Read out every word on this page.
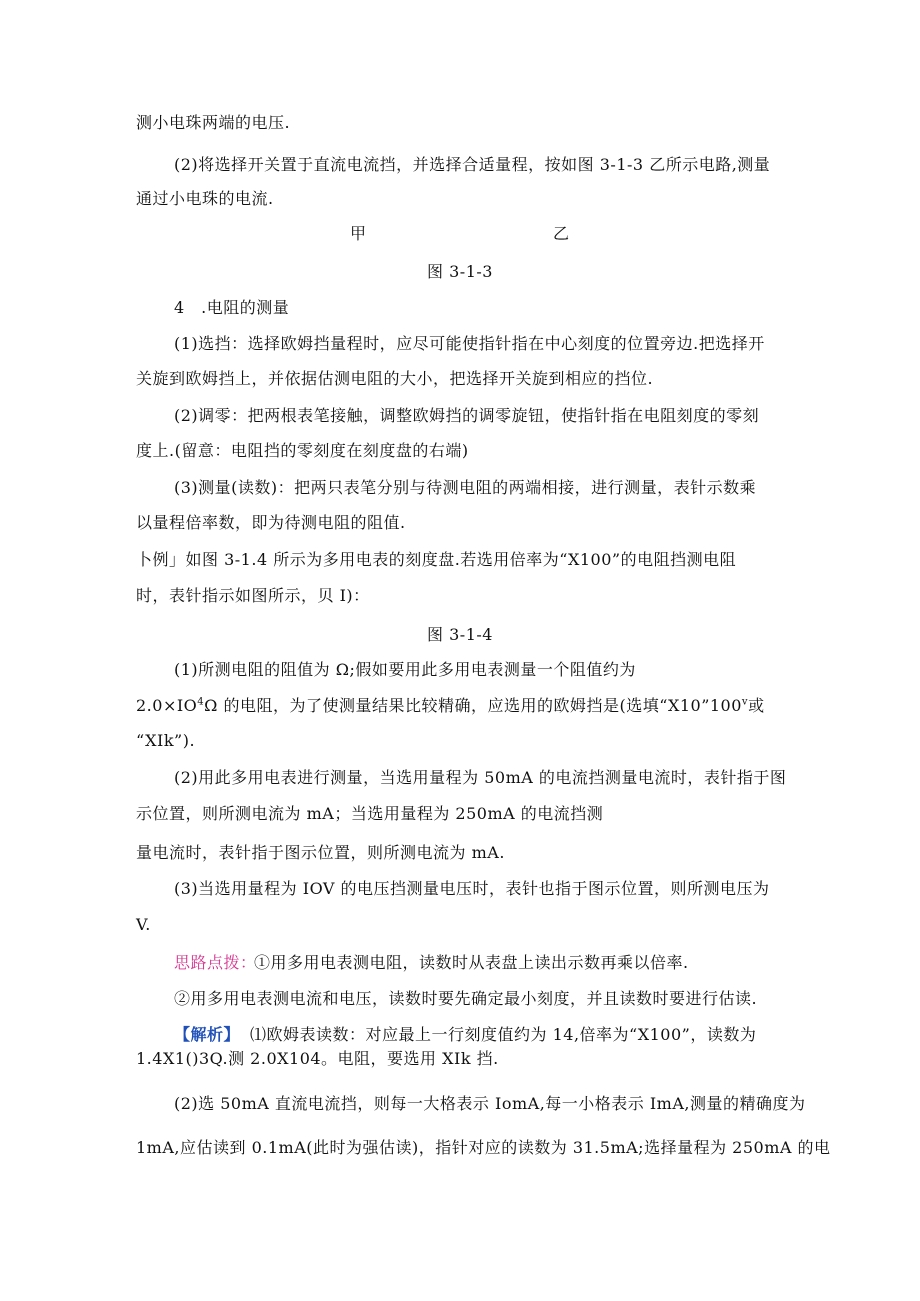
测小电珠两端的电压.
(2)将选择开关置于直流电流挡，并选择合适量程，按如图 3-1-3 乙所示电路,测量
通过小电珠的电流.
甲	乙
图 3-1-3
4　.电阻的测量
(1)选挡：选择欧姆挡量程时，应尽可能使指针指在中心刻度的位置旁边.把选择开
关旋到欧姆挡上，并依据估测电阻的大小，把选择开关旋到相应的挡位.
(2)调零：把两根表笔接触，调整欧姆挡的调零旋钮，使指针指在电阻刻度的零刻
度上.(留意：电阻挡的零刻度在刻度盘的右端)
(3)测量(读数)：把两只表笔分别与待测电阻的两端相接，进行测量，表针示数乘
以量程倍率数，即为待测电阻的阻值.
卜例」如图 3-1.4 所示为多用电表的刻度盘.若选用倍率为“X100”的电阻挡测电阻
时，表针指示如图所示，贝 I)：
图 3-1-4
(1)所测电阻的阻值为 Ω;假如要用此多用电表测量一个阻值约为
$2.0\times IO^4\Omega$ 的电阻，为了使测量结果比较精确，应选用的欧姆挡是(选填“X10”100$^v$或
“XIk”).
(2)用此多用电表进行测量，当选用量程为 50mA 的电流挡测量电流时，表针指于图
示位置，则所测电流为 mA；当选用量程为 250mA 的电流挡测
量电流时，表针指于图示位置，则所测电流为 mA.
(3)当选用量程为 IOV 的电压挡测量电压时，表针也指于图示位置，则所测电压为
V.
思路点拨：
①用多用电表测电阻，读数时从表盘上读出示数再乘以倍率.
②用多用电表测电流和电压，读数时要先确定最小刻度，并且读数时要进行估读.
【解析】 ⑴欧姆表读数：对应最上一行刻度值约为 14,倍率为“X100”，读数为
1.4X1()3Q.测 2.0X104。电阻，要选用 XIk 挡.
(2)选 50mA 直流电流挡，则每一大格表示 IomA,每一小格表示 ImA,测量的精确度为
1mA,应估读到 0.1mA(此时为强估读)，指针对应的读数为 31.5mA;选择量程为 250mA 的电
